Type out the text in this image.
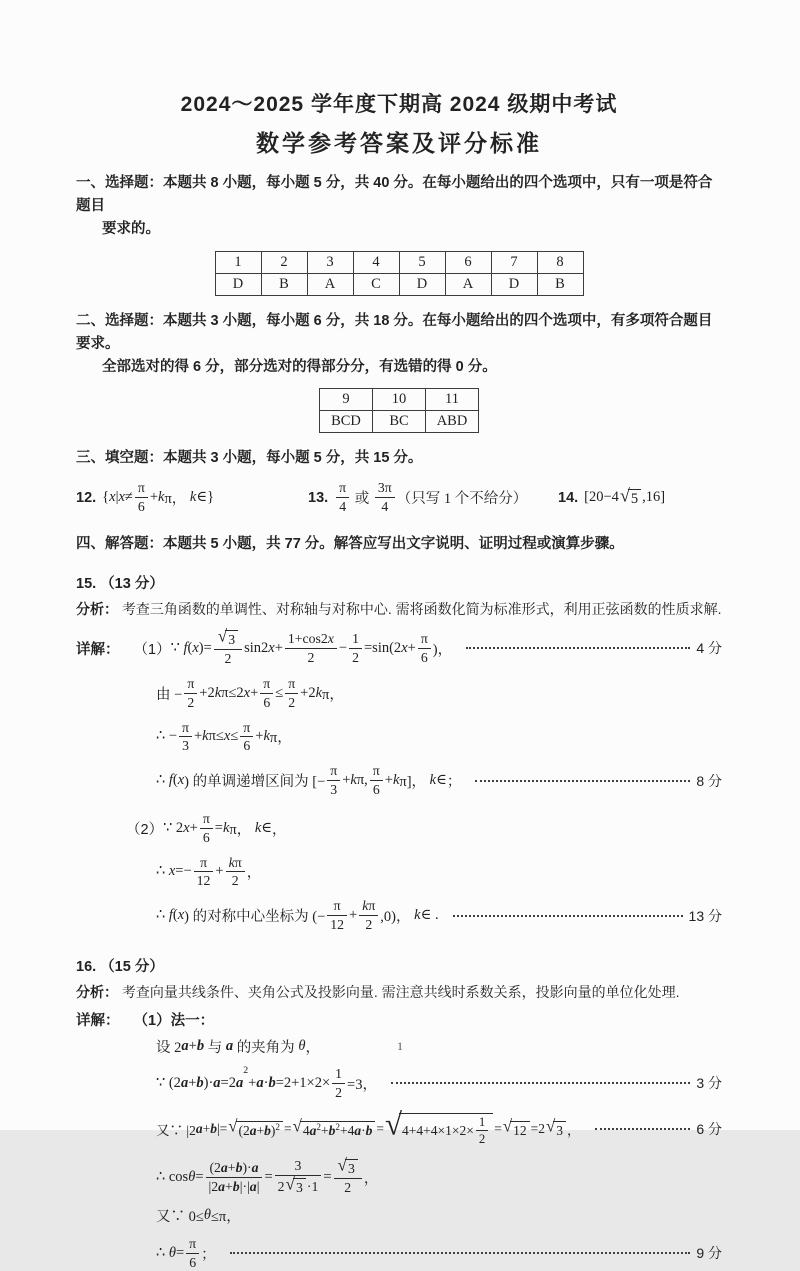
2024～2025 学年度下期高 2024 级期中考试
数学参考答案及评分标准
一、选择题：本题共 8 小题，每小题 5 分，共 40 分。在每小题给出的四个选项中，只有一项是符合题目
要求的。
1	2	3	4	5	6	7	8
D	B	A	C	D	A	D	B
二、选择题：本题共 3 小题，每小题 6 分，共 18 分。在每小题给出的四个选项中，有多项符合题目要求。
全部选对的得 6 分，部分选对的得部分分，有选错的得 0 分。
9	10	11
BCD	BC	ABD
三、填空题：本题共 3 小题，每小题 5 分，共 15 分。
12. { x | $x \ne \frac{\pi}{6} + k$ π， k ∈ }	13. $\frac{\pi}{4}$ 或 $\frac{3\pi}{4}$ （只写 1 个不给分） 14. [20−4 √ 5 ,16]
四、解答题：本题共 5 小题，共 77 分。解答应写出文字说明、证明过程或演算步骤。
15. （13 分）
分析： 考查三角函数的单调性、对称轴与对称中心. 需将函数化简为标准形式，利用正弦函数的性质求解.
详解： （1） ∵ f ( x )= $\frac{√ 3}{2} \sin 2$ $x + \frac{1+\cos 2 x}{2} - \frac{1}{2} =\sin(2$ $x + \frac{\pi}{6}$ )，	4 分
由 − $\frac{\pi}{2} +2$ k π≤2 $x + \frac{\pi}{6} \le \frac{\pi}{2} +2$ k π，
∴ − $\frac{\pi}{3} + k$ $\pi\le x \le \frac{\pi}{6} + k$ π，
∴ f ( x ) 的单调递增区间为 [− $\frac{\pi}{3} + k$ π, $\frac{\pi}{6} + k$ π]， k ∈ ；	8 分
（2） ∵ 2 $x + \frac{\pi}{6} = k$ π， k ∈ ，
∴ $x =- \frac{\pi}{12} + \frac{\text{k π}}{2}$ ，
∴ f ( x ) 的对称中心坐标为 (− $\frac{\pi}{12} + \frac{\text{k π}}{2} ,0$)， k ∈ .	13 分
16. （15 分）
分析： 考查向量共线条件、夹角公式及投影向量. 需注意共线时系数关系，投影向量的单位化处理.
详解： （1）法一：
设 2 a + b 与 a 的夹角为 θ ，
∵ (2 a + b )· a =2 a
2
+ $a \cdot b =2+1\times 2\times \frac{1}{2} =3$，	3 分
又∵ |2 a + b |= √ (2 a + b ) 2 = √ 4 a 2 + b 2 +4 a · b = √ $4+4+4\times 1\times 2\times \frac{1}{2}$ = √ 12 =2 √ 3 ，	6 分
∴ $\cos \theta = \frac{(2 a + b )\cdot a}{|2 a + b |\cdot| a |} = \frac{3}{2 √ 3 \cdot 1} = \frac{√ 3}{2}$ ，
又∵ 0≤ θ ≤π，
∴ $\theta = \frac{\pi}{6}$ ；	9 分
1
